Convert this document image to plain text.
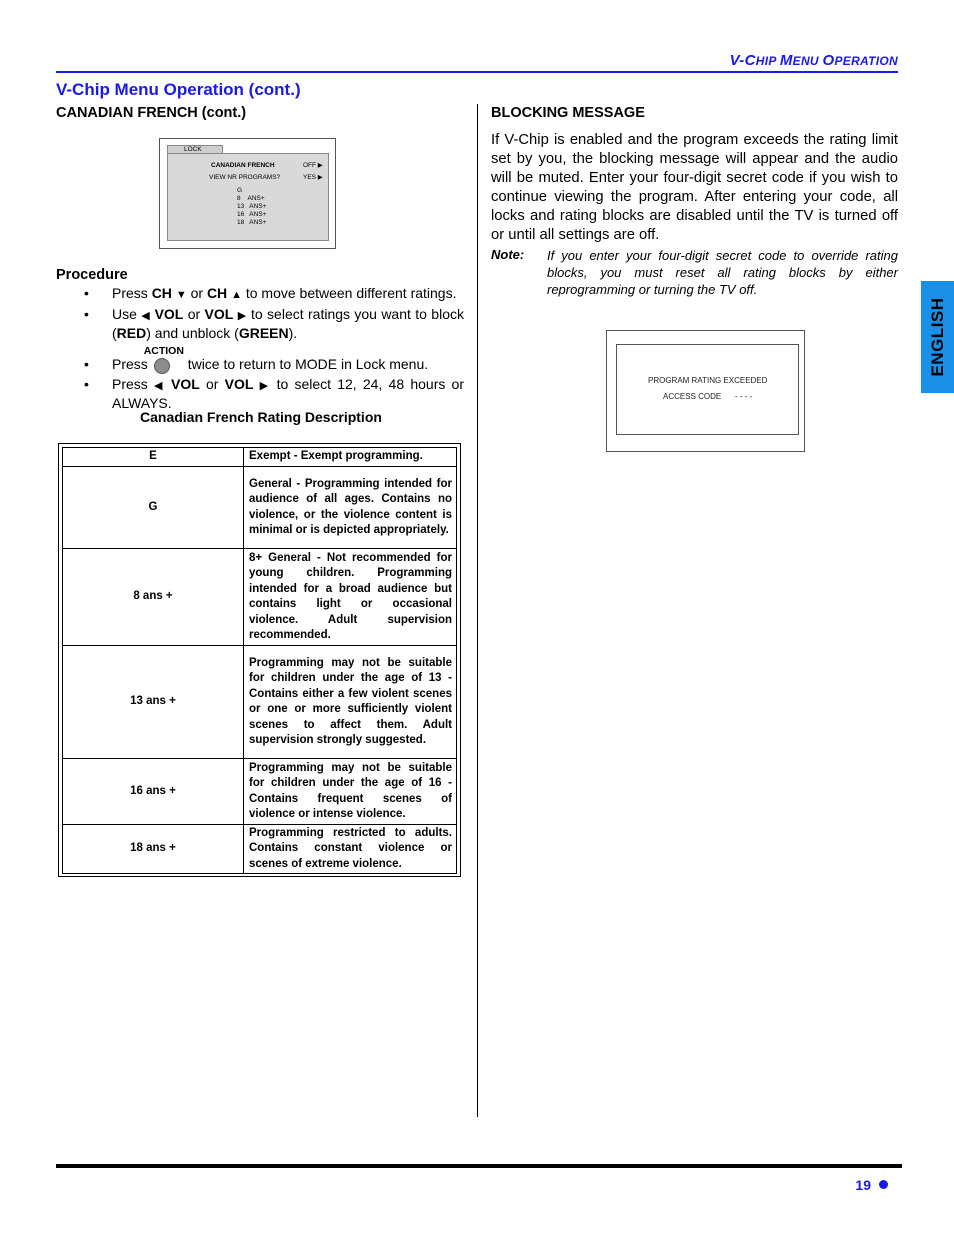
V-CHIP MENU OPERATION
V-Chip Menu Operation (cont.)
CANADIAN FRENCH (cont.)
LOCK
CANADIAN FRENCH	OFF ▶
VIEW NR PROGRAMS?	YES ▶
G
8    ANS+
13   ANS+
16   ANS+
18   ANS+
Procedure
• Press CH ▼ or CH ▲ to move between different ratings.
• Use ◀ VOL or VOL ▶ to select ratings you want to block (RED) and unblock (GREEN).
• Press
ACTION
twice to return to MODE in Lock menu.
• Press ◀ VOL or VOL ▶ to select 12, 24, 48 hours or ALWAYS.
Canadian French Rating Description
E	Exempt - Exempt programming.
G	General - Programming intended for audience of all ages. Contains no violence, or the violence content is minimal or is depicted appropriately.
8 ans +	8+ General - Not recommended for young children. Programming intended for a broad audience but contains light or occasional violence. Adult supervision recommended.
13 ans +	Programming may not be suitable for children under the age of 13 - Contains either a few violent scenes or one or more sufficiently violent scenes to affect them. Adult supervision strongly suggested.
16 ans +	Programming may not be suitable for children under the age of 16 - Contains frequent scenes of violence or intense violence.
18 ans +	Programming restricted to adults. Contains constant violence or scenes of extreme violence.
BLOCKING MESSAGE
If V-Chip is enabled and the program exceeds the rating limit set by you, the blocking message will appear and the audio will be muted. Enter your four-digit secret code if you wish to continue viewing the program. After entering your code, all locks and rating blocks are disabled until the TV is turned off or until all settings are off.
Note: If you enter your four-digit secret code to override rating blocks, you must reset all rating blocks by either reprogramming or turning the TV off.
PROGRAM RATING EXCEEDED
ACCESS CODE - - - -
ENGLISH
19
